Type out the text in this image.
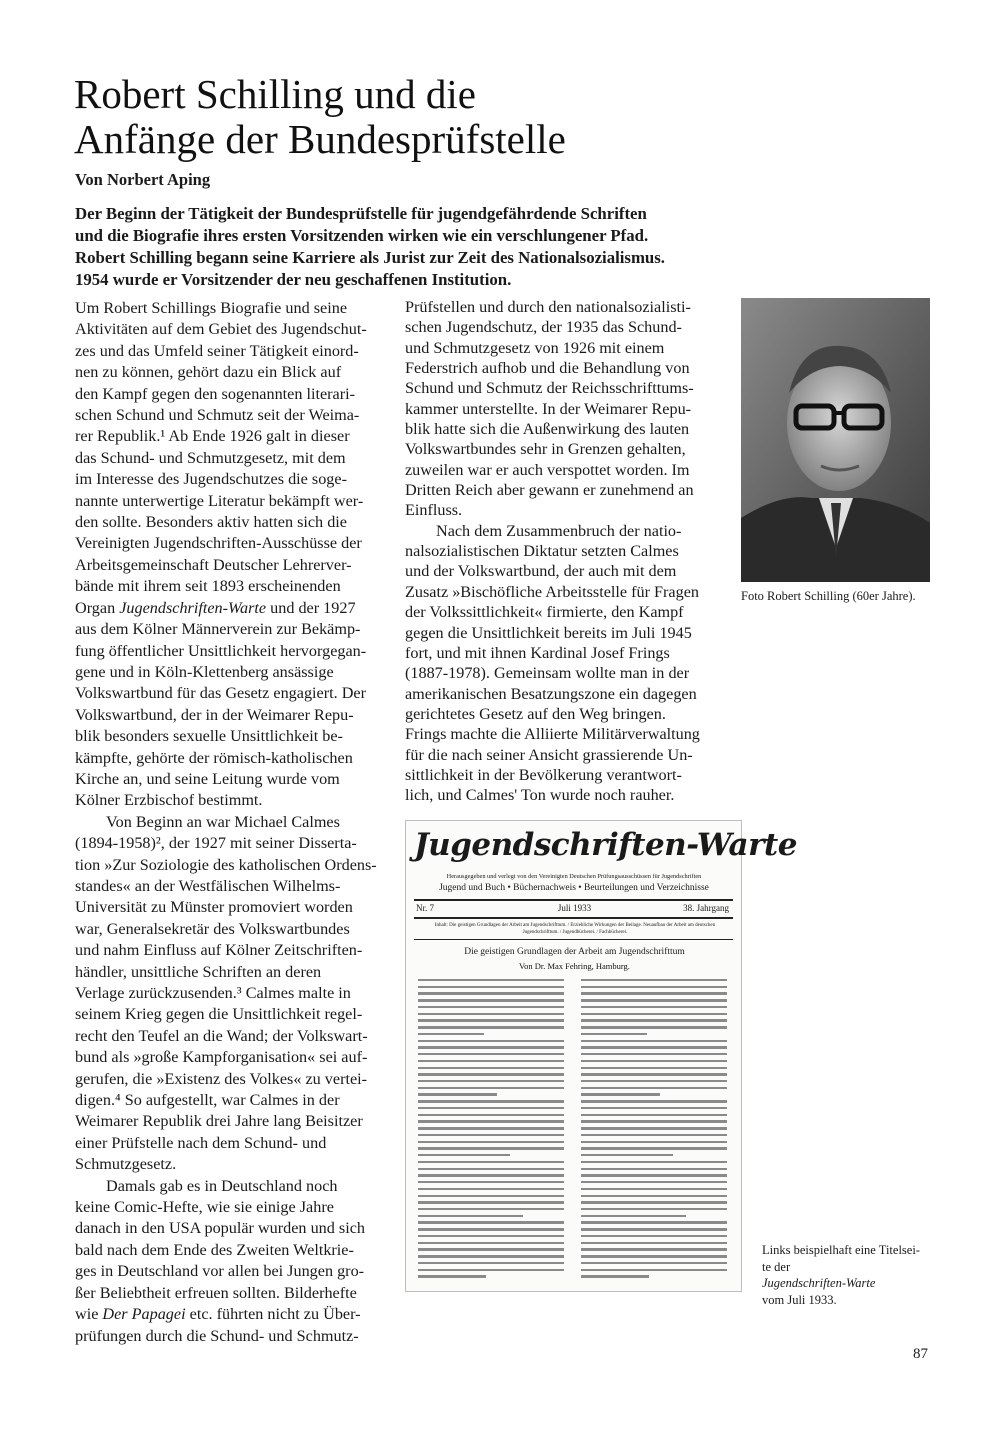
Robert Schilling und die
Anfänge der Bundesprüfstelle
Von Norbert Aping
Der Beginn der Tätigkeit der Bundesprüfstelle für jugendgefährdende Schriften
und die Biografie ihres ersten Vorsitzenden wirken wie ein verschlungener Pfad.
Robert Schilling begann seine Karriere als Jurist zur Zeit des Nationalsozialismus.
1954 wurde er Vorsitzender der neu geschaffenen Institution.
Um Robert Schillings Biografie und seine
Aktivitäten auf dem Gebiet des Jugendschut-
zes und das Umfeld seiner Tätigkeit einord-
nen zu können, gehört dazu ein Blick auf
den Kampf gegen den sogenannten literari-
schen Schund und Schmutz seit der Weima-
rer Republik.¹ Ab Ende 1926 galt in dieser
das Schund- und Schmutzgesetz, mit dem
im Interesse des Jugendschutzes die soge-
nannte unterwertige Literatur bekämpft wer-
den sollte. Besonders aktiv hatten sich die
Vereinigten Jugendschriften-Ausschüsse der
Arbeitsgemeinschaft Deutscher Lehrerver-
bände mit ihrem seit 1893 erscheinenden
Organ Jugendschriften-Warte und der 1927
aus dem Kölner Männerverein zur Bekämp-
fung öffentlicher Unsittlichkeit hervorgegan-
gene und in Köln-Klettenberg ansässige
Volkswartbund für das Gesetz engagiert. Der
Volkswartbund, der in der Weimarer Repu-
blik besonders sexuelle Unsittlichkeit be-
kämpfte, gehörte der römisch-katholischen
Kirche an, und seine Leitung wurde vom
Kölner Erzbischof bestimmt.
Von Beginn an war Michael Calmes
(1894-1958)², der 1927 mit seiner Disserta-
tion »Zur Soziologie des katholischen Ordens-
standes« an der Westfälischen Wilhelms-
Universität zu Münster promoviert worden
war, Generalsekretär des Volkswartbundes
und nahm Einfluss auf Kölner Zeitschriften-
händler, unsittliche Schriften an deren
Verlage zurückzusenden.³ Calmes malte in
seinem Krieg gegen die Unsittlichkeit regel-
recht den Teufel an die Wand; der Volkswart-
bund als »große Kampforganisation« sei auf-
gerufen, die »Existenz des Volkes« zu vertei-
digen.⁴ So aufgestellt, war Calmes in der
Weimarer Republik drei Jahre lang Beisitzer
einer Prüfstelle nach dem Schund- und
Schmutzgesetz.
Damals gab es in Deutschland noch
keine Comic-Hefte, wie sie einige Jahre
danach in den USA populär wurden und sich
bald nach dem Ende des Zweiten Weltkrie-
ges in Deutschland vor allen bei Jungen gro-
ßer Beliebtheit erfreuen sollten. Bilderhefte
wie Der Papagei etc. führten nicht zu Über-
prüfungen durch die Schund- und Schmutz-
Prüfstellen und durch den nationalsozialisti-
schen Jugendschutz, der 1935 das Schund-
und Schmutzgesetz von 1926 mit einem
Federstrich aufhob und die Behandlung von
Schund und Schmutz der Reichsschrifttums-
kammer unterstellte. In der Weimarer Repu-
blik hatte sich die Außenwirkung des lauten
Volkswartbundes sehr in Grenzen gehalten,
zuweilen war er auch verspottet worden. Im
Dritten Reich aber gewann er zunehmend an
Einfluss.
Nach dem Zusammenbruch der natio-
nalsozialistischen Diktatur setzten Calmes
und der Volkswartbund, der auch mit dem
Zusatz »Bischöfliche Arbeitsstelle für Fragen
der Volkssittlichkeit« firmierte, den Kampf
gegen die Unsittlichkeit bereits im Juli 1945
fort, und mit ihnen Kardinal Josef Frings
(1887-1978). Gemeinsam wollte man in der
amerikanischen Besatzungszone ein dagegen
gerichtetes Gesetz auf den Weg bringen.
Frings machte die Alliierte Militärverwaltung
für die nach seiner Ansicht grassierende Un-
sittlichkeit in der Bevölkerung verantwort-
lich, und Calmes' Ton wurde noch rauher.
Foto Robert Schilling (60er Jahre).
Jugendschriften-Warte
Herausgegeben und verlegt von den Vereinigten Deutschen Prüfungsausschüssen für Jugendschriften
Jugend und Buch • Büchernachweis • Beurteilungen und Verzeichnisse
Nr. 7	Juli 1933	38. Jahrgang
Inhalt: Die geistigen Grundlagen der Arbeit am Jugendschrifttum. / Erziehliche Wirkungen der Beilage. Neuaufbau der Arbeit am deutschen Jugendschrifttum. / Jugendbücherei. / Fachbücherei.
Die geistigen Grundlagen der Arbeit am Jugendschrifttum
Von Dr. Max Fehring, Hamburg.
Links beispielhaft eine Titelsei-
te der
Jugendschriften-Warte
vom Juli 1933.
87
